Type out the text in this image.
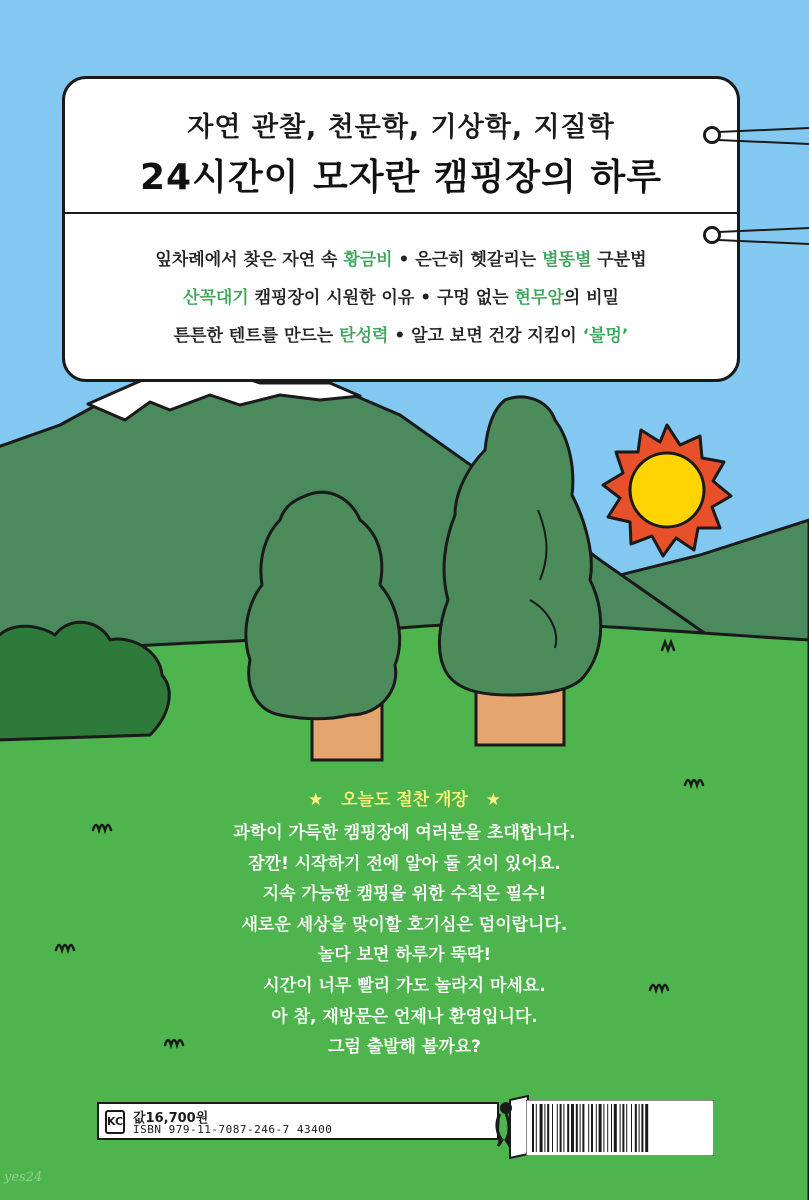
자연 관찰, 천문학, 기상학, 지질학
24시간이 모자란 캠핑장의 하루
잎차례에서 찾은 자연 속 황금비 • 은근히 헷갈리는 별똥별 구분법
산꼭대기 캠핑장이 시원한 이유 • 구멍 없는 현무암의 비밀
튼튼한 텐트를 만드는 탄성력 • 알고 보면 건강 지킴이 ‘불멍’
★ 오늘도 절찬 개장 ★
과학이 가득한 캠핑장에 여러분을 초대합니다.
잠깐! 시작하기 전에 알아 둘 것이 있어요.
지속 가능한 캠핑을 위한 수칙은 필수!
새로운 세상을 맞이할 호기심은 덤이랍니다.
놀다 보면 하루가 뚝딱!
시간이 너무 빨리 가도 놀라지 마세요.
아 참, 재방문은 언제나 환영입니다.
그럼 출발해 볼까요?
KC 값16,700원
ISBN 979-11-7087-246-7 43400
yes24
